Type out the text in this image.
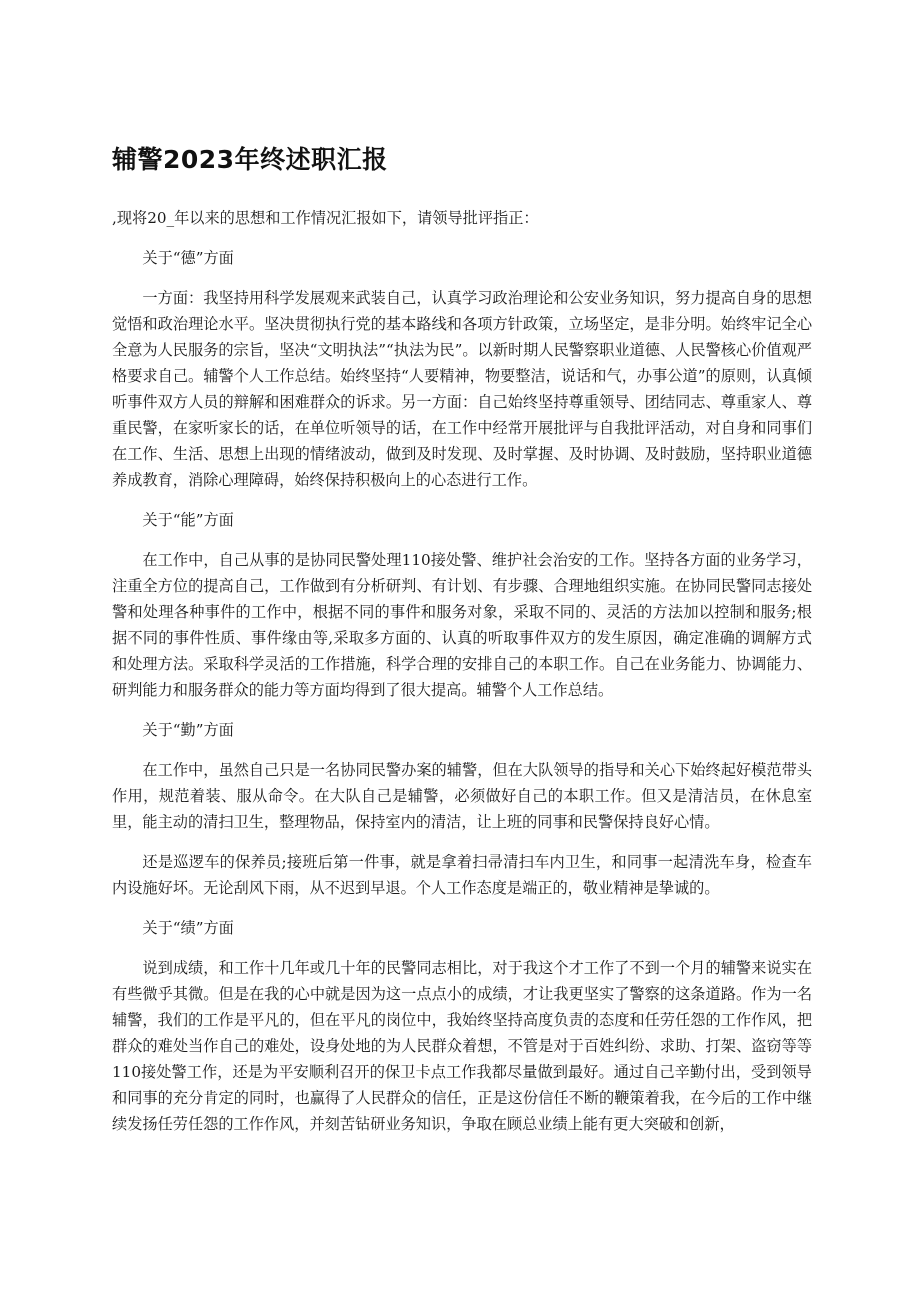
辅警2023年终述职汇报

,现将20_年以来的思想和工作情况汇报如下，请领导批评指正：

关于“德”方面

一方面：我坚持用科学发展观来武装自己，认真学习政治理论和公安业务知识，努力提高自身的思想觉悟和政治理论水平。坚决贯彻执行党的基本路线和各项方针政策，立场坚定，是非分明。始终牢记全心全意为人民服务的宗旨，坚决“文明执法”“执法为民”。以新时期人民警察职业道德、人民警核心价值观严格要求自己。辅警个人工作总结。始终坚持“人要精神，物要整洁，说话和气，办事公道”的原则，认真倾听事件双方人员的辩解和困难群众的诉求。另一方面：自己始终坚持尊重领导、团结同志、尊重家人、尊重民警，在家听家长的话，在单位听领导的话，在工作中经常开展批评与自我批评活动，对自身和同事们在工作、生活、思想上出现的情绪波动，做到及时发现、及时掌握、及时协调、及时鼓励，坚持职业道德养成教育，消除心理障碍，始终保持积极向上的心态进行工作。

关于“能”方面

在工作中，自己从事的是协同民警处理110接处警、维护社会治安的工作。坚持各方面的业务学习，注重全方位的提高自己，工作做到有分析研判、有计划、有步骤、合理地组织实施。在协同民警同志接处警和处理各种事件的工作中，根据不同的事件和服务对象，采取不同的、灵活的方法加以控制和服务;根据不同的事件性质、事件缘由等,采取多方面的、认真的听取事件双方的发生原因，确定准确的调解方式和处理方法。采取科学灵活的工作措施，科学合理的安排自己的本职工作。自己在业务能力、协调能力、研判能力和服务群众的能力等方面均得到了很大提高。辅警个人工作总结。

关于“勤”方面

在工作中，虽然自己只是一名协同民警办案的辅警，但在大队领导的指导和关心下始终起好模范带头作用，规范着装、服从命令。在大队自己是辅警，必须做好自己的本职工作。但又是清洁员，在休息室里，能主动的清扫卫生，整理物品，保持室内的清洁，让上班的同事和民警保持良好心情。

还是巡逻车的保养员;接班后第一件事，就是拿着扫帚清扫车内卫生，和同事一起清洗车身，检查车内设施好坏。无论刮风下雨，从不迟到早退。个人工作态度是端正的，敬业精神是挚诚的。

关于“绩”方面

说到成绩，和工作十几年或几十年的民警同志相比，对于我这个才工作了不到一个月的辅警来说实在有些微乎其微。但是在我的心中就是因为这一点点小的成绩，才让我更坚实了警察的这条道路。作为一名辅警，我们的工作是平凡的，但在平凡的岗位中，我始终坚持高度负责的态度和任劳任怨的工作作风，把群众的难处当作自己的难处，设身处地的为人民群众着想，不管是对于百姓纠纷、求助、打架、盗窃等等110接处警工作，还是为平安顺利召开的保卫卡点工作我都尽量做到最好。通过自己辛勤付出，受到领导和同事的充分肯定的同时，也赢得了人民群众的信任，正是这份信任不断的鞭策着我，在今后的工作中继续发扬任劳任怨的工作作风，并刻苦钻研业务知识，争取在顾总业绩上能有更大突破和创新，
